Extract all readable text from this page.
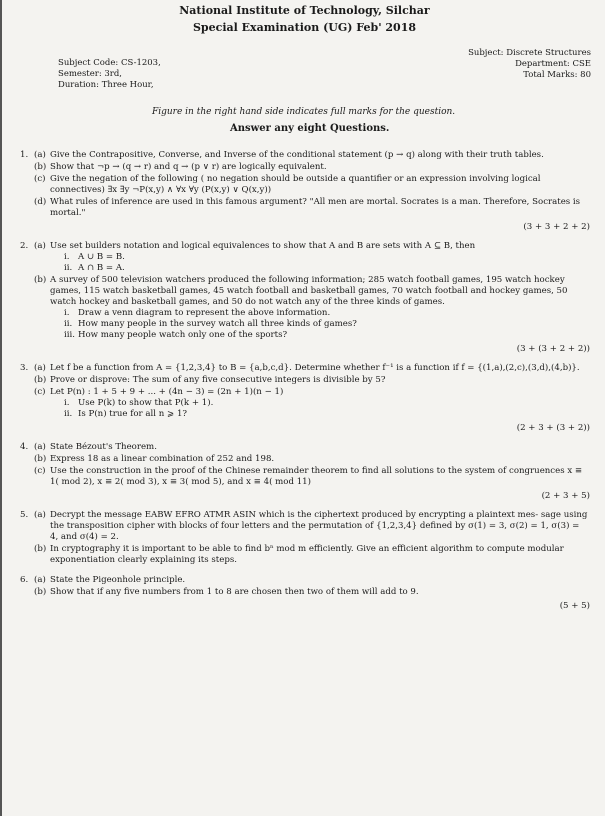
National Institute of Technology, Silchar
Special Examination (UG) Feb' 2018
Subject Code: CS-1203,
Semester: 3rd,
Duration: Three Hour,
Subject: Discrete Structures
Department: CSE
Total Marks: 80
Figure in the right hand side indicates full marks for the question.
Answer any eight Questions.
1. (a) Give the Contrapositive, Converse, and Inverse of the conditional statement (p → q) along with their truth tables.
(b) Show that ¬p → (q → r) and q → (p ∨ r) are logically equivalent.
(c) Give the negation of the following ( no negation should be outside a quantifier or an expression involving logical connectives) ∃x ∃y ¬P(x,y) ∧ ∀x ∀y (P(x,y) ∨ Q(x,y))
(d) What rules of inference are used in this famous argument? "All men are mortal. Socrates is a man. Therefore, Socrates is mortal."
(3 + 3 + 2 + 2)
2. (a) Use set builders notation and logical equivalences to show that A and B are sets with A ⊆ B, then
i. A ∪ B = B.
ii. A ∩ B = A.
(b) A survey of 500 television watchers produced the following information; 285 watch football games, 195 watch hockey games, 115 watch basketball games, 45 watch football and basketball games, 70 watch football and hockey games, 50 watch hockey and basketball games, and 50 do not watch any of the three kinds of games.
i. Draw a venn diagram to represent the above information.
ii. How many people in the survey watch all three kinds of games?
iii. How many people watch only one of the sports?
(3 + (3 + 2 + 2))
3. (a) Let f be a function from A = {1,2,3,4} to B = {a,b,c,d}. Determine whether f⁻¹ is a function if f = {(1,a),(2,c),(3,d),(4,b)}.
(b) Prove or disprove: The sum of any five consecutive integers is divisible by 5?
(c) Let P(n) : 1 + 5 + 9 + ... + (4n − 3) = (2n + 1)(n − 1)
i. Use P(k) to show that P(k + 1).
ii. Is P(n) true for all n ⩾ 1?
(2 + 3 + (3 + 2))
4. (a) State Bézout's Theorem.
(b) Express 18 as a linear combination of 252 and 198.
(c) Use the construction in the proof of the Chinese remainder theorem to find all solutions to the system of congruences x ≡ 1( mod 2), x ≡ 2( mod 3), x ≡ 3( mod 5), and x ≡ 4( mod 11)
(2 + 3 + 5)
5. (a) Decrypt the message EABW EFRO ATMR ASIN which is the ciphertext produced by encrypting a plaintext mes- sage using the transposition cipher with blocks of four letters and the permutation of {1,2,3,4} defined by σ(1) = 3, σ(2) = 1, σ(3) = 4, and σ(4) = 2.
(b) In cryptography it is important to be able to find bⁿ mod m efficiently. Give an efficient algorithm to compute modular exponentiation clearly explaining its steps.
6. (a) State the Pigeonhole principle.
(b) Show that if any five numbers from 1 to 8 are chosen then two of them will add to 9.
(5 + 5)
